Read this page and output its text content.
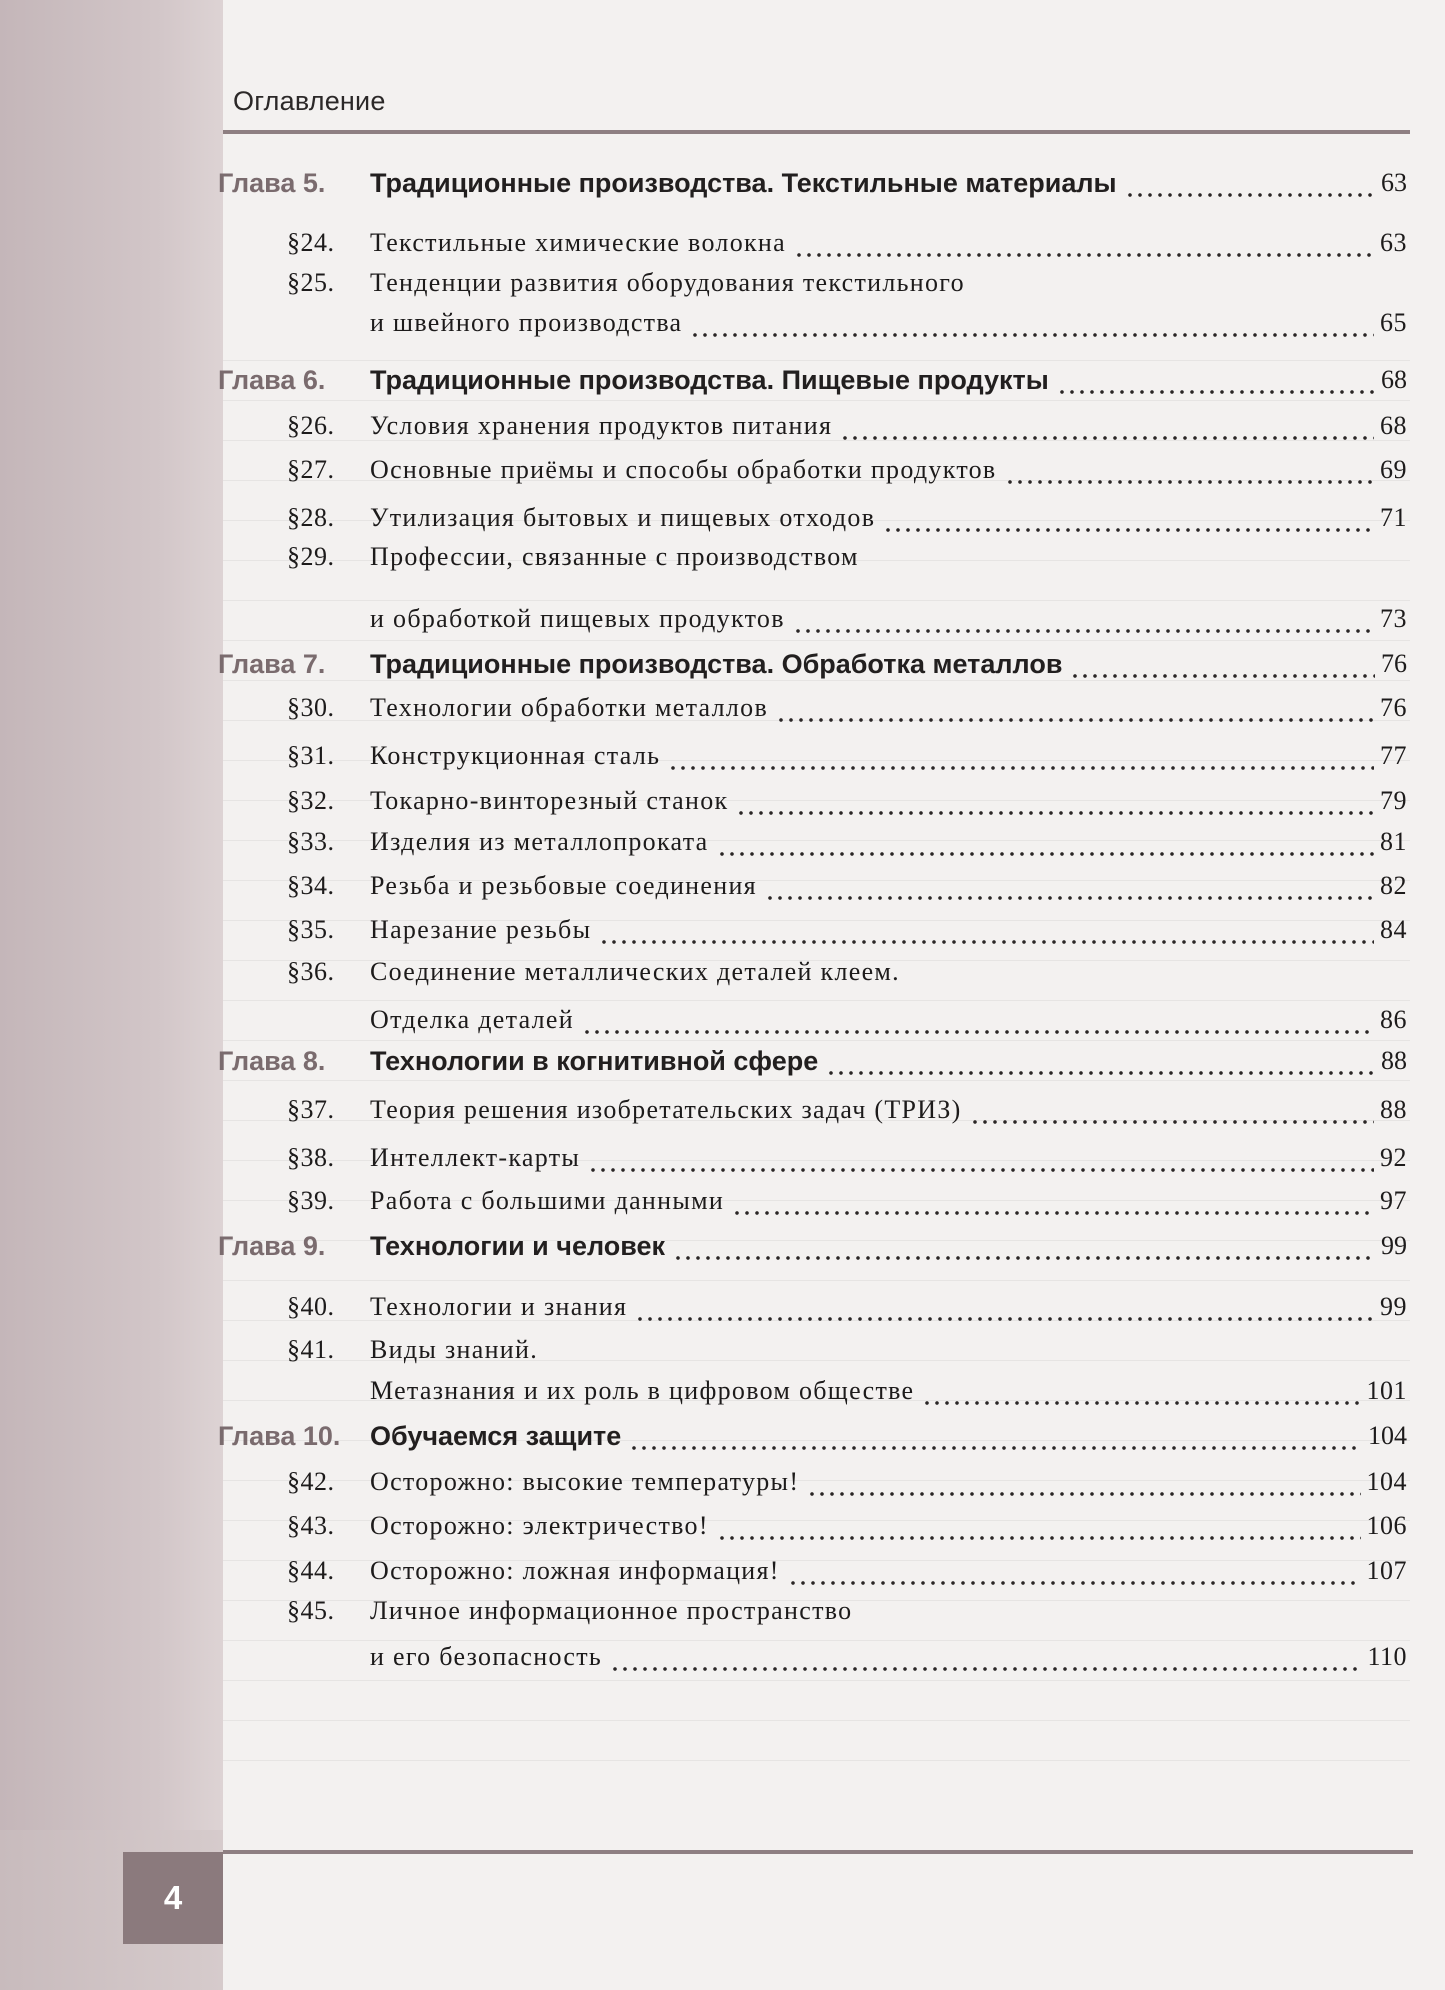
Оглавление
Глава 5. Традиционные производства. Текстильные материалы	63
§24. Текстильные химические волокна	63
§25. Тенденции развития оборудования текстильного
и швейного производства	65
Глава 6. Традиционные производства. Пищевые продукты	68
§26. Условия хранения продуктов питания	68
§27. Основные приёмы и способы обработки продуктов	69
§28. Утилизация бытовых и пищевых отходов	71
§29. Профессии, связанные с производством
и обработкой пищевых продуктов	73
Глава 7. Традиционные производства. Обработка металлов	76
§30. Технологии обработки металлов	76
§31. Конструкционная сталь	77
§32. Токарно-винторезный станок	79
§33. Изделия из металлопроката	81
§34. Резьба и резьбовые соединения	82
§35. Нарезание резьбы	84
§36. Соединение металлических деталей клеем.
Отделка деталей	86
Глава 8. Технологии в когнитивной сфере	88
§37. Теория решения изобретательских задач (ТРИЗ)	88
§38. Интеллект-карты	92
§39. Работа с большими данными	97
Глава 9. Технологии и человек	99
§40. Технологии и знания	99
§41. Виды знаний.
Метазнания и их роль в цифровом обществе	101
Глава 10. Обучаемся защите	104
§42. Осторожно: высокие температуры!	104
§43. Осторожно: электричество!	106
§44. Осторожно: ложная информация!	107
§45. Личное информационное пространство
и его безопасность	110
4
